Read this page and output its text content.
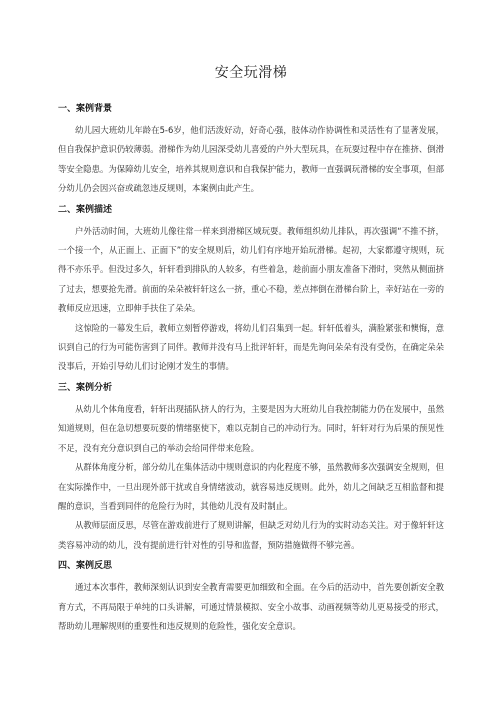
安全玩滑梯
一、案例背景

幼儿园大班幼儿年龄在5-6岁，他们活泼好动，好奇心强，肢体动作协调性和灵活性有了显著发展，但自我保护意识仍较薄弱。滑梯作为幼儿园深受幼儿喜爱的户外大型玩具，在玩耍过程中存在推挤、倒滑等安全隐患。为保障幼儿安全，培养其规则意识和自我保护能力，教师一直强调玩滑梯的安全事项，但部分幼儿仍会因兴奋或疏忽违反规则，本案例由此产生。

二、案例描述

户外活动时间，大班幼儿像往常一样来到滑梯区域玩耍。教师组织幼儿排队，再次强调“不推不挤，一个接一个，从正面上、正面下”的安全规则后，幼儿们有序地开始玩滑梯。起初，大家都遵守规则，玩得不亦乐乎。但没过多久，轩轩看到排队的人较多，有些着急，趁前面小朋友准备下滑时，突然从侧面挤了过去，想要抢先滑。前面的朵朵被轩轩这么一挤，重心不稳，差点摔倒在滑梯台阶上，幸好站在一旁的教师反应迅速，立即伸手扶住了朵朵。

这惊险的一幕发生后，教师立刻暂停游戏，将幼儿们召集到一起。轩轩低着头，满脸紧张和懊悔，意识到自己的行为可能伤害到了同伴。教师并没有马上批评轩轩，而是先询问朵朵有没有受伤，在确定朵朵没事后，开始引导幼儿们讨论刚才发生的事情。

三、案例分析

从幼儿个体角度看，轩轩出现插队挤人的行为，主要是因为大班幼儿自我控制能力仍在发展中，虽然知道规则，但在急切想要玩耍的情绪驱使下，难以克制自己的冲动行为。同时，轩轩对行为后果的预见性不足，没有充分意识到自己的举动会给同伴带来危险。

从群体角度分析，部分幼儿在集体活动中规则意识的内化程度不够，虽然教师多次强调安全规则，但在实际操作中，一旦出现外部干扰或自身情绪波动，就容易违反规则。此外，幼儿之间缺乏互相监督和提醒的意识，当看到同伴的危险行为时，其他幼儿没有及时制止。

从教师层面反思，尽管在游戏前进行了规则讲解，但缺乏对幼儿行为的实时动态关注。对于像轩轩这类容易冲动的幼儿，没有提前进行针对性的引导和监督，预防措施做得不够完善。

四、案例反思

通过本次事件，教师深刻认识到安全教育需要更加细致和全面。在今后的活动中，首先要创新安全教育方式，不再局限于单纯的口头讲解，可通过情景模拟、安全小故事、动画视频等幼儿更易接受的形式，帮助幼儿理解规则的重要性和违反规则的危险性，强化安全意识。
